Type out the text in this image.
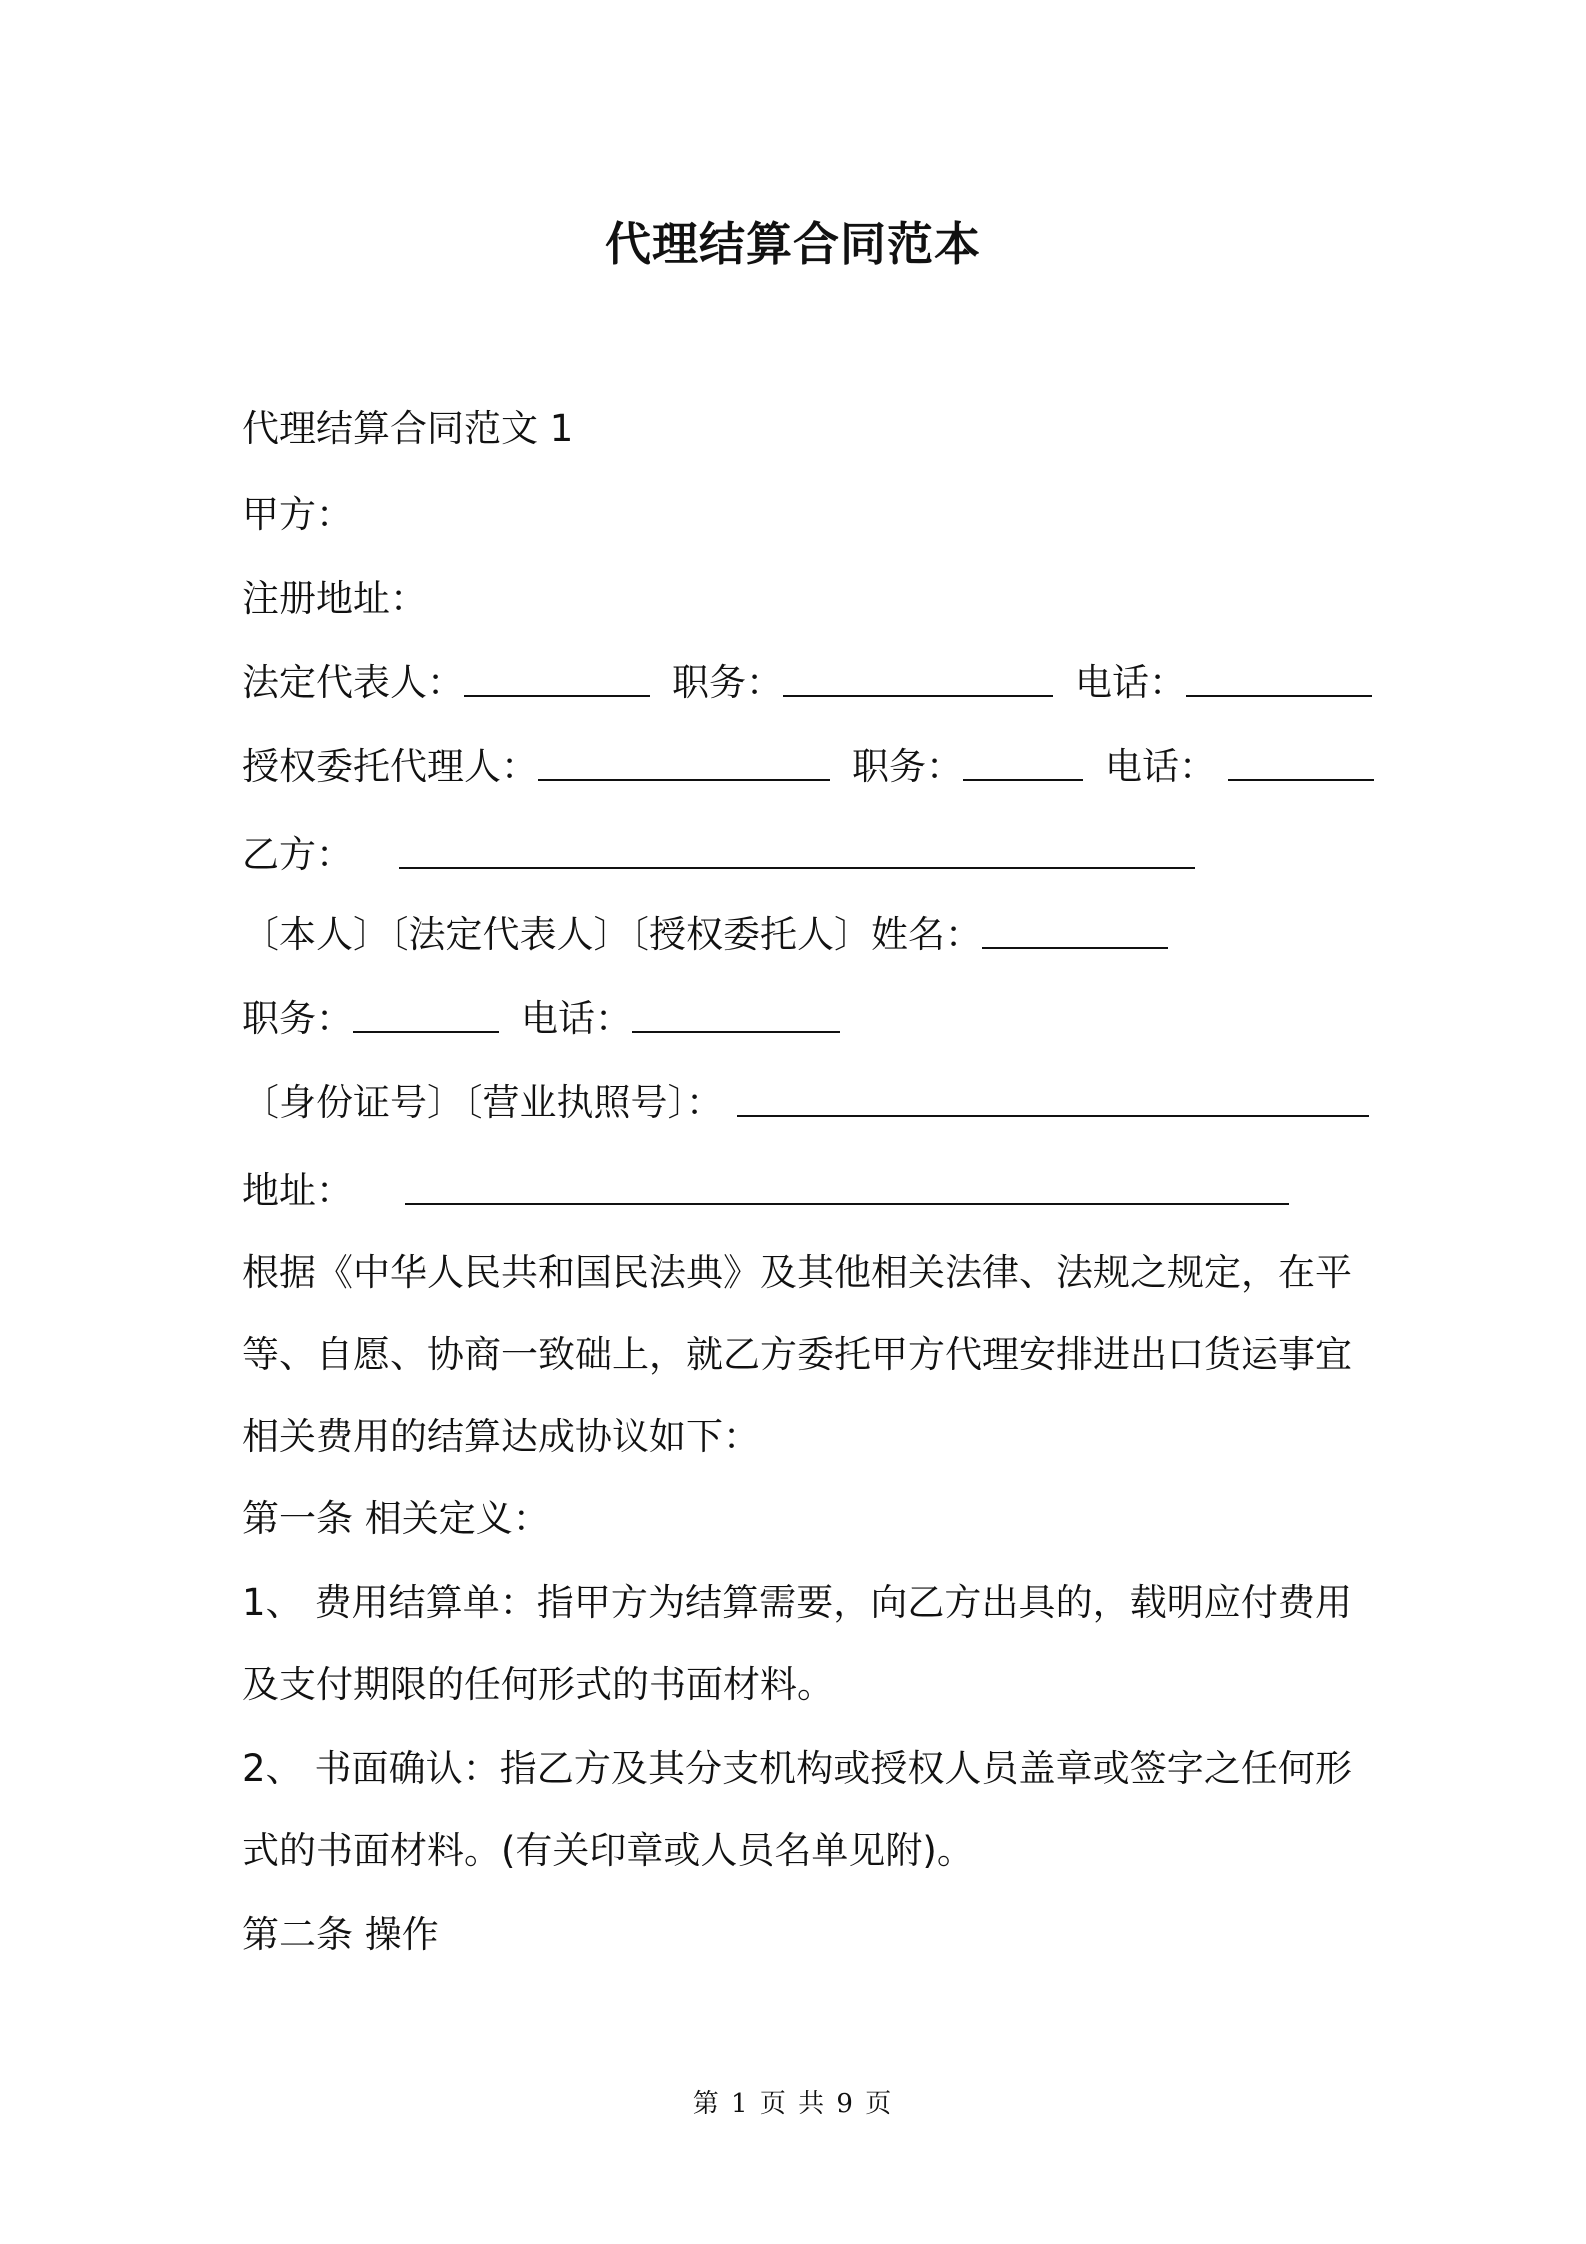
代理结算合同范本
代理结算合同范文 1
甲方：
注册地址：
法定代表人：	职务：	电话：
授权委托代理人：	职务：	电话：
乙方：
〔本人〕〔法定代表人〕〔授权委托人〕姓名：
职务：	电话：
〔身份证号〕〔营业执照号〕：
地址：
根据《中华人民共和国民法典》及其他相关法律、法规之规定，在平
等、自愿、协商一致础上，就乙方委托甲方代理安排进出口货运事宜
相关费用的结算达成协议如下：
第一条 相关定义：
1、 费用结算单：指甲方为结算需要，向乙方出具的，载明应付费用
及支付期限的任何形式的书面材料。
2、 书面确认：指乙方及其分支机构或授权人员盖章或签字之任何形
式的书面材料。(有关印章或人员名单见附)。
第二条 操作
第 1 页 共 9 页
